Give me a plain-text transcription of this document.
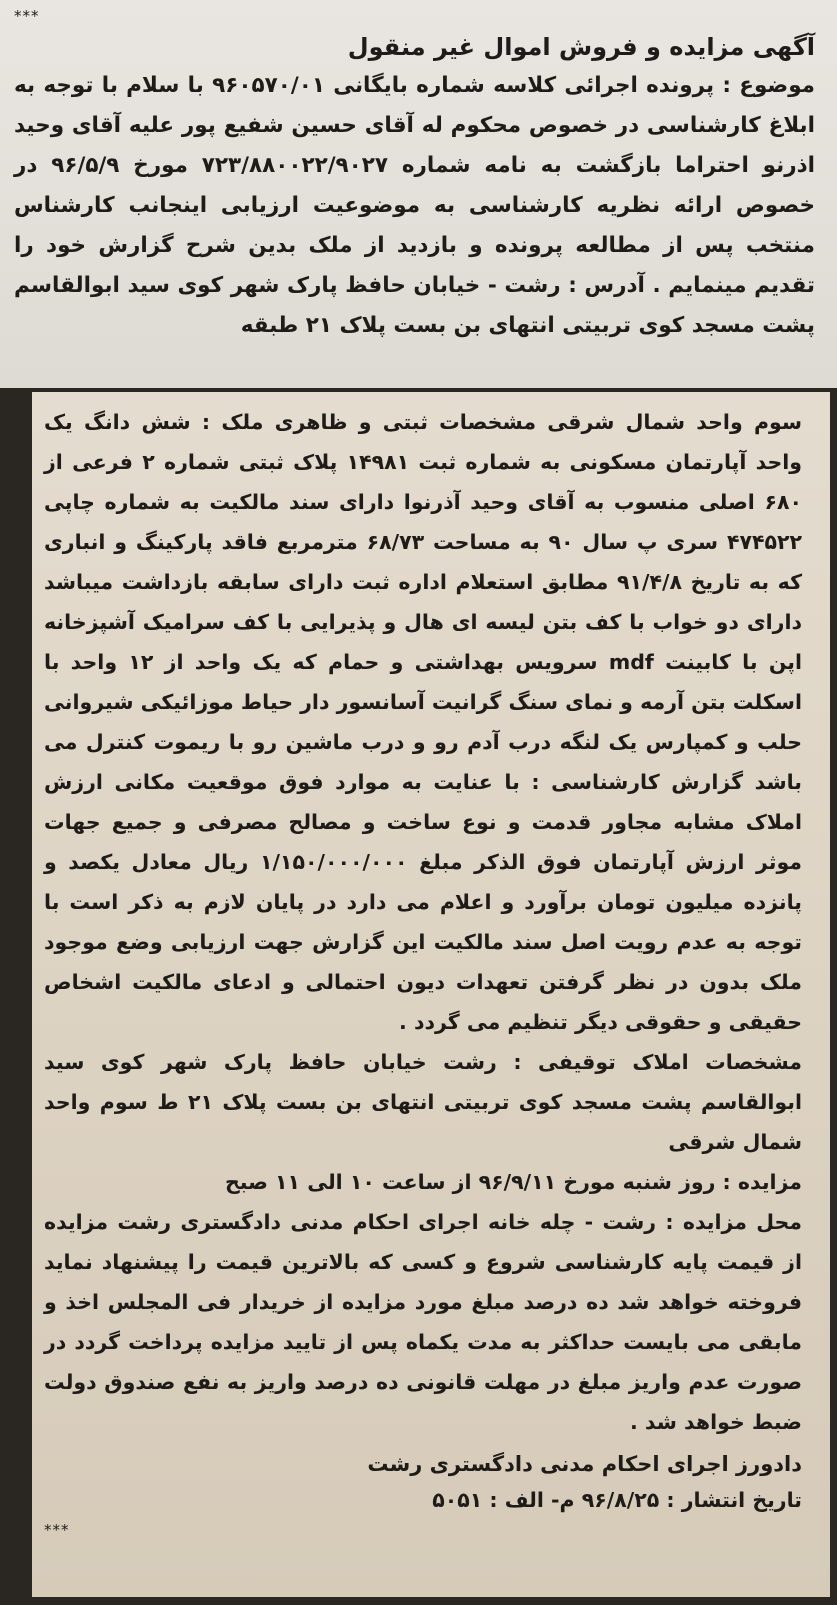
***
آگهی مزایده و فروش اموال غیر منقول

موضوع : پرونده اجرائی کلاسه شماره بایگانی ۹۶۰۵۷۰/۰۱ با سلام با توجه به ابلاغ کارشناسی در خصوص محکوم له آقای حسین شفیع پور علیه آقای وحید اذرنو احتراما بازگشت به نامه شماره ۷۲۳/۸۸۰۰۲۲/۹۰۲۷ مورخ ۹۶/۵/۹ در خصوص ارائه نظریه کارشناسی به موضوعیت ارزیابی اینجانب کارشناس منتخب پس از مطالعه پرونده و بازدید از ملک بدین شرح گزارش خود را تقدیم مینمایم . آدرس : رشت - خیابان حافظ پارک شهر کوی سید ابوالقاسم پشت مسجد کوی تربیتی انتهای بن بست پلاک ۲۱ طبقه

سوم واحد شمال شرقی مشخصات ثبتی و ظاهری ملک : شش دانگ یک واحد آپارتمان مسکونی به شماره ثبت ۱۴۹۸۱ پلاک ثبتی شماره ۲ فرعی از ۶۸۰ اصلی منسوب به آقای وحید آذرنوا دارای سند مالکیت به شماره چاپی ۴۷۴۵۲۲ سری پ سال ۹۰ به مساحت ۶۸/۷۳ مترمربع فاقد پارکینگ و انباری که به تاریخ ۹۱/۴/۸ مطابق استعلام اداره ثبت دارای سابقه بازداشت میباشد دارای دو خواب با کف بتن لیسه ای هال و پذیرایی با کف سرامیک آشپزخانه اپن با کابینت mdf سرویس بهداشتی و حمام که یک واحد از ۱۲ واحد با اسکلت بتن آرمه و نمای سنگ گرانیت آسانسور دار حیاط موزائیکی شیروانی حلب و کمپارس یک لنگه درب آدم رو و درب ماشین رو با ریموت کنترل می باشد گزارش کارشناسی : با عنایت به موارد فوق موقعیت مکانی ارزش املاک مشابه مجاور قدمت و نوع ساخت و مصالح مصرفی و جمیع جهات موثر ارزش آپارتمان فوق الذکر مبلغ ۱/۱۵۰/۰۰۰/۰۰۰ ریال معادل یکصد و پانزده میلیون تومان برآورد و اعلام می دارد در پایان لازم به ذکر است با توجه به عدم رویت اصل سند مالکیت این گزارش جهت ارزیابی وضع موجود ملک بدون در نظر گرفتن تعهدات دیون احتمالی و ادعای مالکیت اشخاص حقیقی و حقوقی دیگر تنظیم می گردد .

مشخصات املاک توقیفی : رشت خیابان حافظ پارک شهر کوی سید ابوالقاسم پشت مسجد کوی تربیتی انتهای بن بست پلاک ۲۱ ط سوم واحد شمال شرقی

مزایده : روز شنبه مورخ ۹۶/۹/۱۱ از ساعت ۱۰ الی ۱۱ صبح

محل مزایده : رشت - چله خانه اجرای احکام مدنی دادگستری رشت مزایده از قیمت پایه کارشناسی شروع و کسی که بالاترین قیمت را پیشنهاد نماید فروخته خواهد شد ده درصد مبلغ مورد مزایده از خریدار فی المجلس اخذ و مابقی می بایست حداکثر به مدت یکماه پس از تایید مزایده پرداخت گردد در صورت عدم واریز مبلغ در مهلت قانونی ده درصد واریز به نفع صندوق دولت ضبط خواهد شد .

دادورز اجرای احکام مدنی دادگستری رشت
تاریخ انتشار : ۹۶/۸/۲۵ م- الف : ۵۰۵۱
***
